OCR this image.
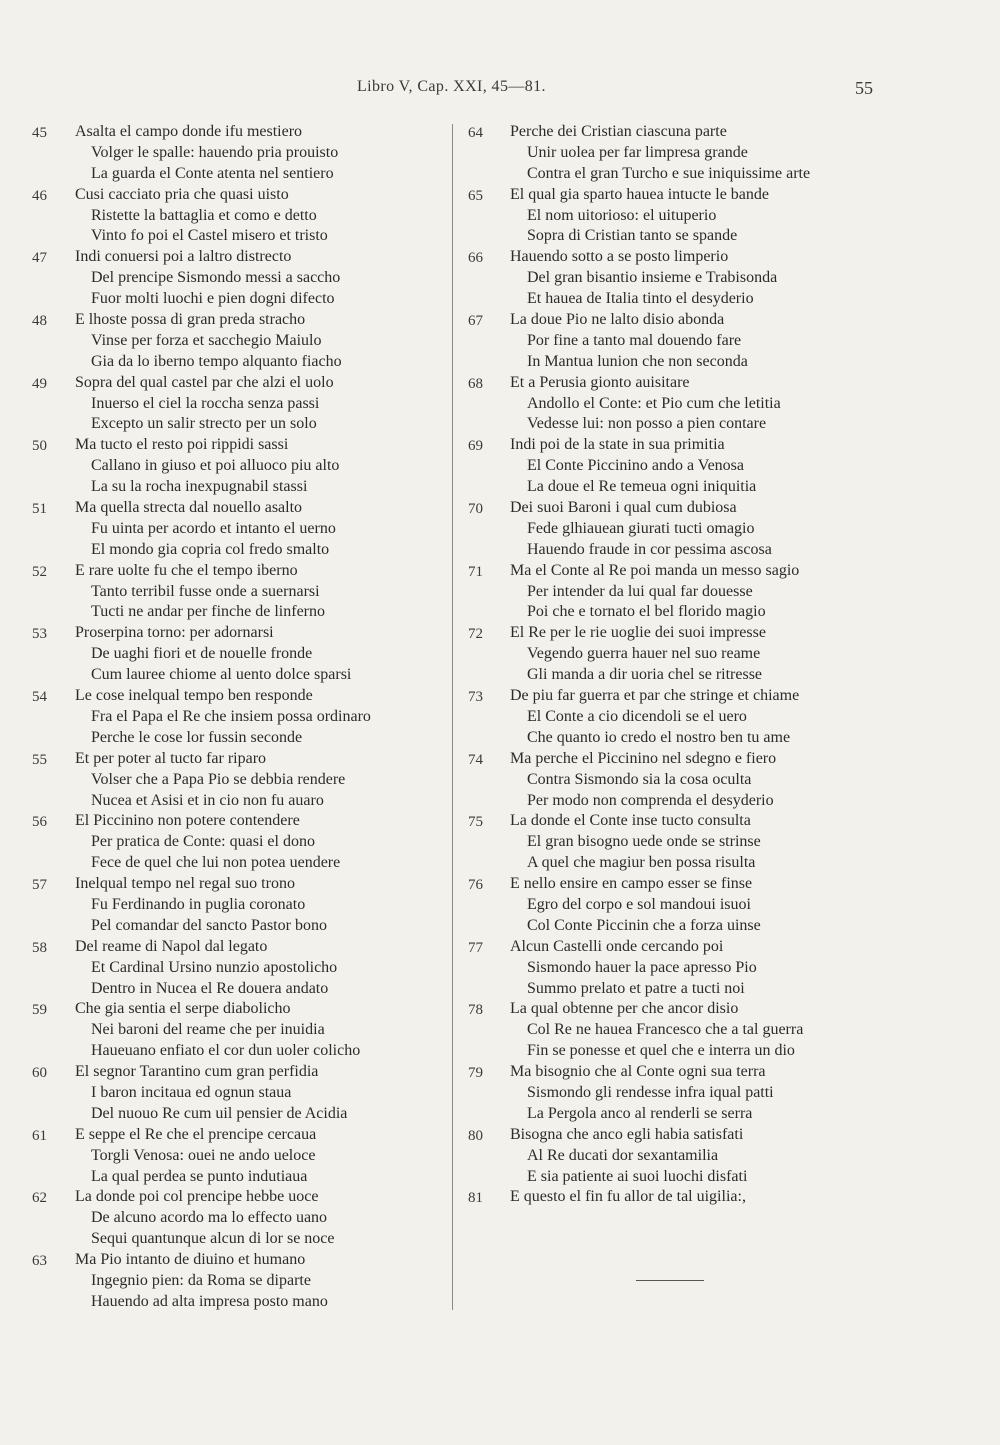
Libro V, Cap. XXI, 45—81.	55
45	Asalta el campo donde ifu mestiero
Volger le spalle: hauendo pria prouisto
La guarda el Conte atenta nel sentiero
46	Cusi cacciato pria che quasi uisto
Ristette la battaglia et como e detto
Vinto fo poi el Castel misero et tristo
47	Indi conuersi poi a laltro distrecto
Del prencipe Sismondo messi a saccho
Fuor molti luochi e pien dogni difecto
48	E lhoste possa di gran preda stracho
Vinse per forza et sacchegio Maiulo
Gia da lo iberno tempo alquanto fiacho
49	Sopra del qual castel par che alzi el uolo
Inuerso el ciel la roccha senza passi
Excepto un salir strecto per un solo
50	Ma tucto el resto poi rippidi sassi
Callano in giuso et poi alluoco piu alto
La su la rocha inexpugnabil stassi
51	Ma quella strecta dal nouello asalto
Fu uinta per acordo et intanto el uerno
El mondo gia copria col fredo smalto
52	E rare uolte fu che el tempo iberno
Tanto terribil fusse onde a suernarsi
Tucti ne andar per finche de linferno
53	Proserpina torno: per adornarsi
De uaghi fiori et de nouelle fronde
Cum lauree chiome al uento dolce sparsi
54	Le cose inelqual tempo ben responde
Fra el Papa el Re che insiem possa ordinaro
Perche le cose lor fussin seconde
55	Et per poter al tucto far riparo
Volser che a Papa Pio se debbia rendere
Nucea et Asisi et in cio non fu auaro
56	El Piccinino non potere contendere
Per pratica de Conte: quasi el dono
Fece de quel che lui non potea uendere
57	Inelqual tempo nel regal suo trono
Fu Ferdinando in puglia coronato
Pel comandar del sancto Pastor bono
58	Del reame di Napol dal legato
Et Cardinal Ursino nunzio apostolicho
Dentro in Nucea el Re douera andato
59	Che gia sentia el serpe diabolicho
Nei baroni del reame che per inuidia
Haueuano enfiato el cor dun uoler colicho
60	El segnor Tarantino cum gran perfidia
I baron incitaua ed ognun staua
Del nuouo Re cum uil pensier de Acidia
61	E seppe el Re che el prencipe cercaua
Torgli Venosa: ouei ne ando ueloce
La qual perdea se punto indutiaua
62	La donde poi col prencipe hebbe uoce
De alcuno acordo ma lo effecto uano
Sequi quantunque alcun di lor se noce
63	Ma Pio intanto de diuino et humano
Ingegnio pien: da Roma se diparte
Hauendo ad alta impresa posto mano
64	Perche dei Cristian ciascuna parte
Unir uolea per far limpresa grande
Contra el gran Turcho e sue iniquissime arte
65	El qual gia sparto hauea intucte le bande
El nom uitorioso: el uituperio
Sopra di Cristian tanto se spande
66	Hauendo sotto a se posto limperio
Del gran bisantio insieme e Trabisonda
Et hauea de Italia tinto el desyderio
67	La doue Pio ne lalto disio abonda
Por fine a tanto mal douendo fare
In Mantua lunion che non seconda
68	Et a Perusia gionto auisitare
Andollo el Conte: et Pio cum che letitia
Vedesse lui: non posso a pien contare
69	Indi poi de la state in sua primitia
El Conte Piccinino ando a Venosa
La doue el Re temeua ogni iniquitia
70	Dei suoi Baroni i qual cum dubiosa
Fede glhiauean giurati tucti omagio
Hauendo fraude in cor pessima ascosa
71	Ma el Conte al Re poi manda un messo sagio
Per intender da lui qual far douesse
Poi che e tornato el bel florido magio
72	El Re per le rie uoglie dei suoi impresse
Vegendo guerra hauer nel suo reame
Gli manda a dir uoria chel se ritresse
73	De piu far guerra et par che stringe et chiame
El Conte a cio dicendoli se el uero
Che quanto io credo el nostro ben tu ame
74	Ma perche el Piccinino nel sdegno e fiero
Contra Sismondo sia la cosa oculta
Per modo non comprenda el desyderio
75	La donde el Conte inse tucto consulta
El gran bisogno uede onde se strinse
A quel che magiur ben possa risulta
76	E nello ensire en campo esser se finse
Egro del corpo e sol mandoui isuoi
Col Conte Piccinin che a forza uinse
77	Alcun Castelli onde cercando poi
Sismondo hauer la pace apresso Pio
Summo prelato et patre a tucti noi
78	La qual obtenne per che ancor disio
Col Re ne hauea Francesco che a tal guerra
Fin se ponesse et quel che e interra un dio
79	Ma bisognio che al Conte ogni sua terra
Sismondo gli rendesse infra iqual patti
La Pergola anco al renderli se serra
80	Bisogna che anco egli habia satisfati
Al Re ducati dor sexantamilia
E sia patiente ai suoi luochi disfati
81	E questo el fin fu allor de tal uigilia:,
